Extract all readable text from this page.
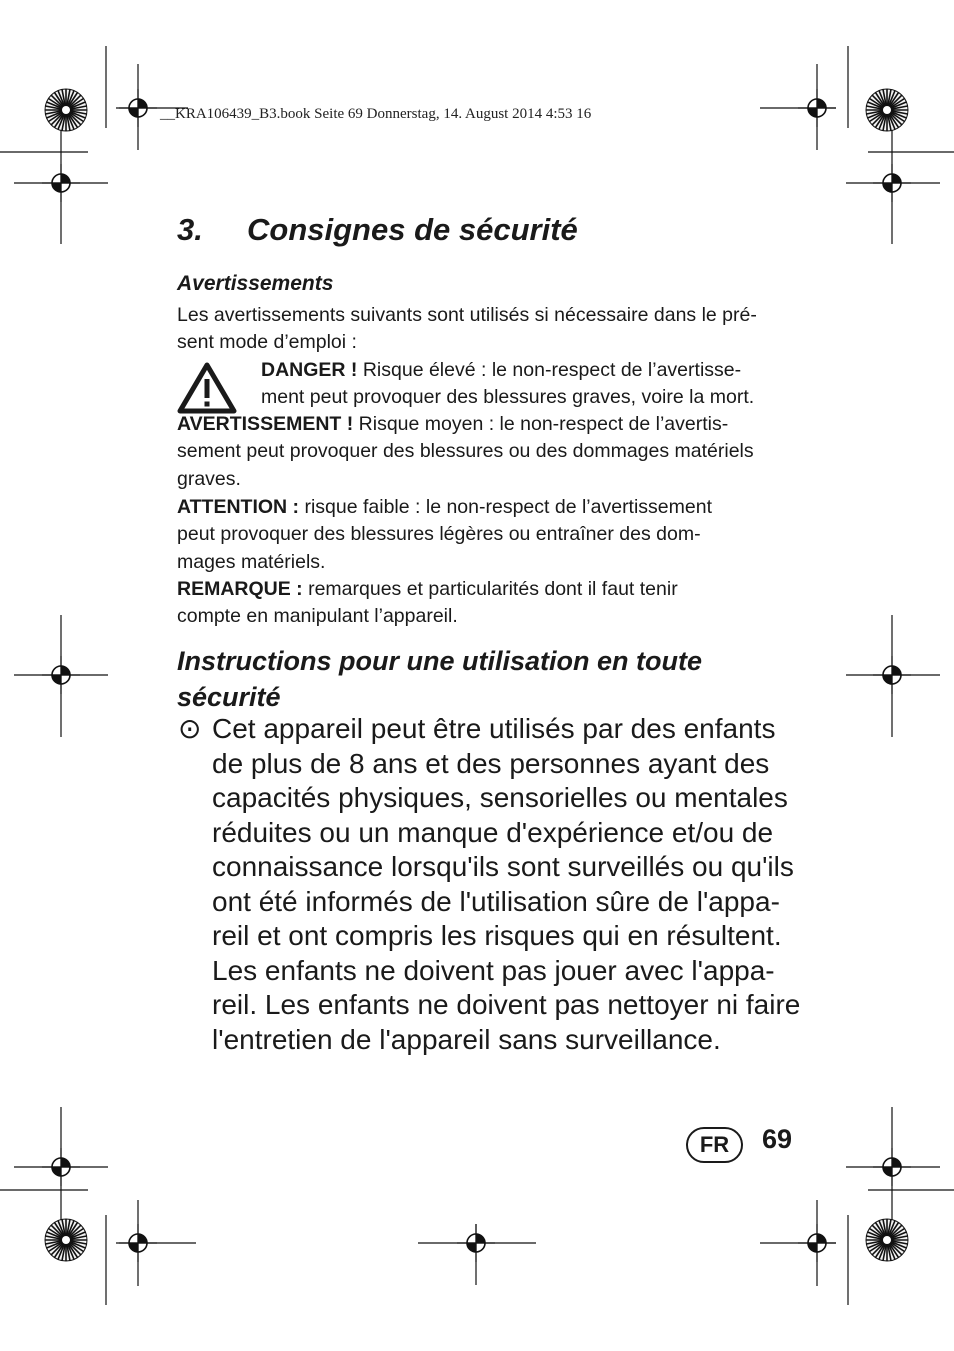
__KRA106439_B3.book Seite 69 Donnerstag, 14. August 2014 4:53 16
3. Consignes de sécurité
Avertissements
Les avertissements suivants sont utilisés si nécessaire dans le pré-
sent mode d’emploi :
DANGER ! Risque élevé : le non-respect de l’avertisse-
ment peut provoquer des blessures graves, voire la mort.
AVERTISSEMENT ! Risque moyen : le non-respect de l’avertis-
sement peut provoquer des blessures ou des dommages matériels
graves.
ATTENTION : risque faible : le non-respect de l’avertissement
peut provoquer des blessures légères ou entraîner des dom-
mages matériels.
REMARQUE : remarques et particularités dont il faut tenir
compte en manipulant l’appareil.
Instructions pour une utilisation en toute
sécurité
⊙ Cet appareil peut être utilisés par des enfants
de plus de 8 ans et des personnes ayant des
capacités physiques, sensorielles ou mentales
réduites ou un manque d'expérience et/ou de
connaissance lorsqu'ils sont surveillés ou qu'ils
ont été informés de l'utilisation sûre de l'appa-
reil et ont compris les risques qui en résultent.
Les enfants ne doivent pas jouer avec l'appa-
reil. Les enfants ne doivent pas nettoyer ni faire
l'entretien de l'appareil sans surveillance.
FR	69
